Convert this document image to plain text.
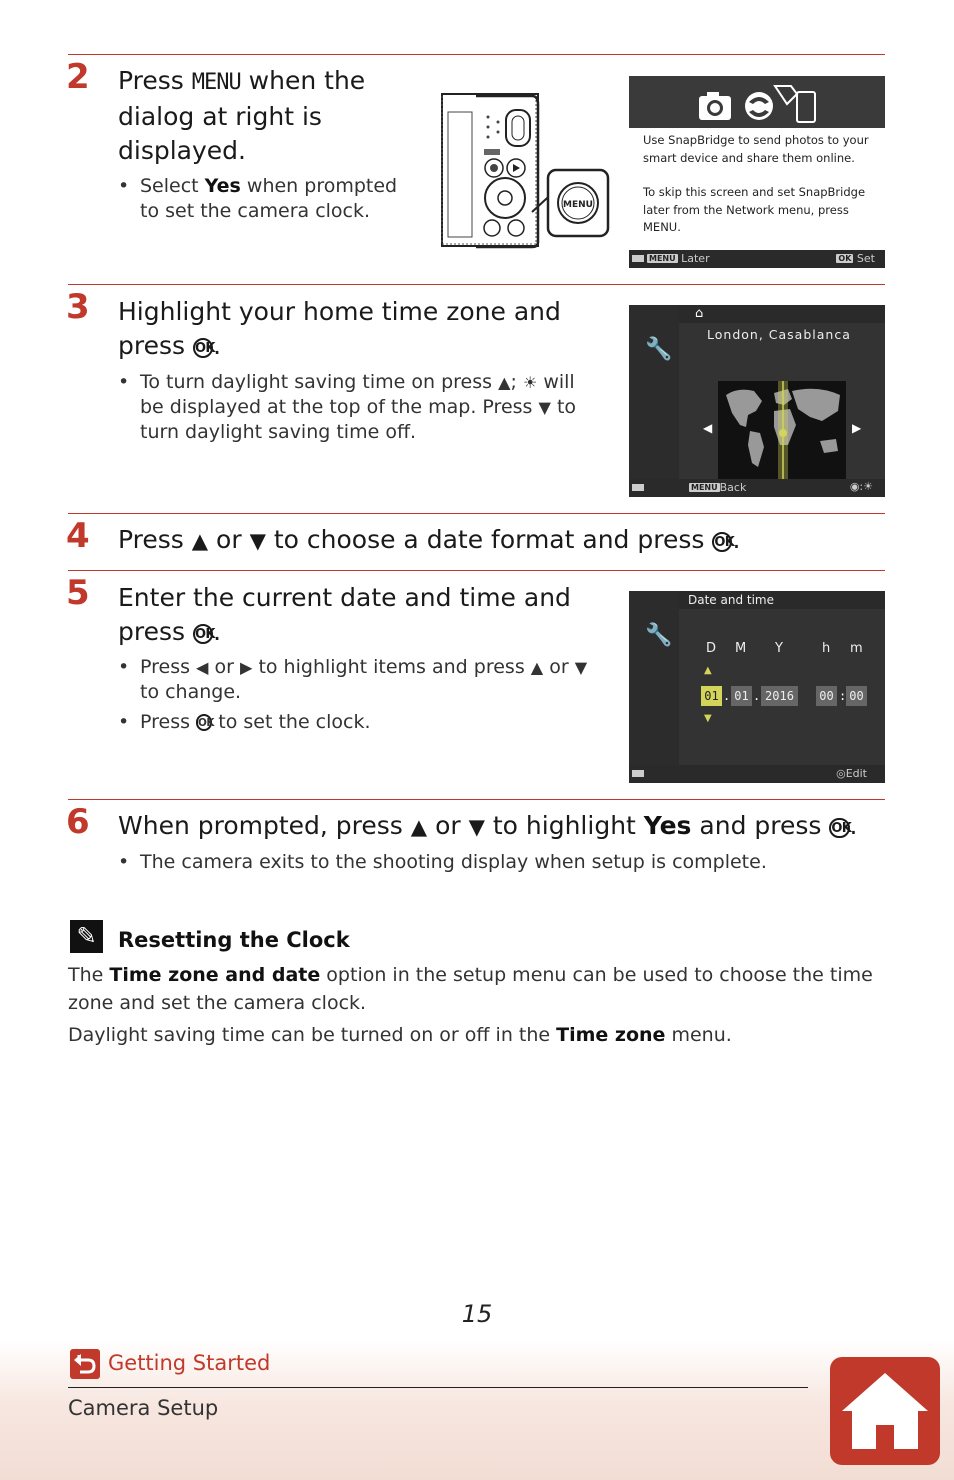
2 Press MENU when the dialog at right is displayed.
• Select Yes when prompted to set the camera clock.	MENU
Use SnapBridge to send photos to your smart device and share them online.
To skip this screen and set SnapBridge later from the Network menu, press MENU.
MENU Later	OK Set
3 Highlight your home time zone and press OK.
• To turn daylight saving time on press ▲; ☀ will be displayed at the top of the map. Press ▼ to turn daylight saving time off.
🔧
⌂
London, Casablanca
◀	▶
MENU Back	◉:☀
4 Press ▲ or ▼ to choose a date format and press OK.
5 Enter the current date and time and press OK.
• Press ◀ or ▶ to highlight items and press ▲ or ▼ to change.
• Press OK to set the clock.
🔧
Date and time
D M Y	h m
▲
01 . 01 . 2016	00 : 00
▼
◎Edit
6 When prompted, press ▲ or ▼ to highlight Yes and press OK.
• The camera exits to the shooting display when setup is complete.
✎	Resetting the Clock
The Time zone and date option in the setup menu can be used to choose the time zone and set the camera clock.
Daylight saving time can be turned on or off in the Time zone menu.
15
Getting Started
Camera Setup
